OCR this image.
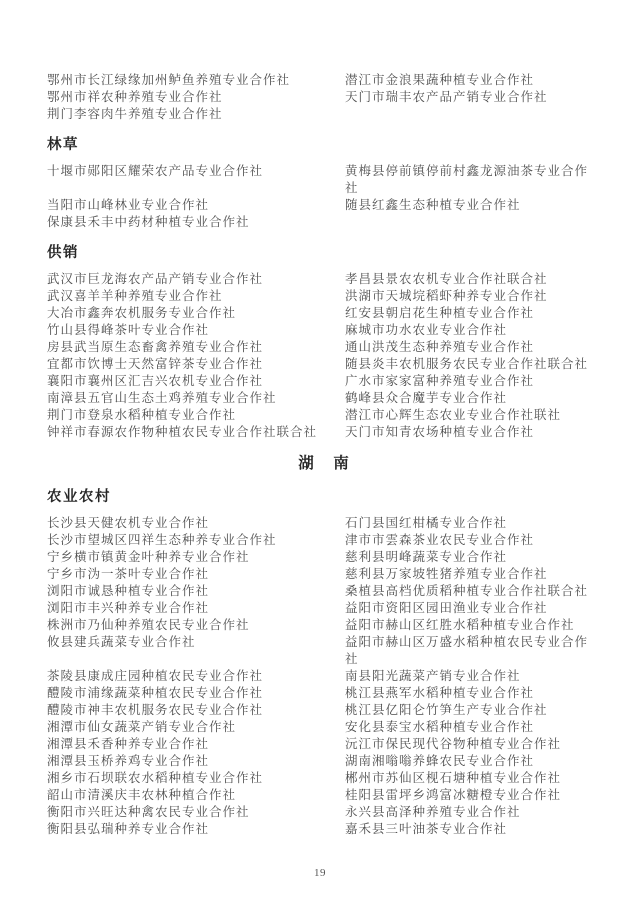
鄂州市长江绿缘加州鲈鱼养殖专业合作社	潜江市金浪果蔬种植专业合作社
鄂州市祥农种养殖专业合作社	天门市瑞丰农产品产销专业合作社
荆门李容肉牛养殖专业合作社
林草
十堰市郧阳区耀荣农产品专业合作社	黄梅县停前镇停前村鑫龙源油茶专业合作社
当阳市山峰林业专业合作社	随县红鑫生态种植专业合作社
保康县禾丰中药材种植专业合作社
供销
武汉市巨龙海农产品产销专业合作社	孝昌县景农农机专业合作社联合社
武汉喜羊羊种养殖专业合作社	洪湖市天城垸稻虾种养专业合作社
大冶市鑫奔农机服务专业合作社	红安县朝启花生种植专业合作社
竹山县得峰茶叶专业合作社	麻城市功水农业专业合作社
房县武当原生态畜禽养殖专业合作社	通山洪茂生态种养殖专业合作社
宜都市饮博士天然富锌茶专业合作社	随县炎丰农机服务农民专业合作社联合社
襄阳市襄州区汇吉兴农机专业合作社	广水市家家富种养殖专业合作社
南漳县五官山生态土鸡养殖专业合作社	鹤峰县众合魔芋专业合作社
荆门市登泉水稻种植专业合作社	潜江市心辉生态农业专业合作社联社
钟祥市春源农作物种植农民专业合作社联合社	天门市知青农场种植专业合作社
湖　南
农业农村
长沙县天健农机专业合作社	石门县国红柑橘专业合作社
长沙市望城区四祥生态种养专业合作社	津市市雲森茶业农民专业合作社
宁乡横市镇黄金叶种养专业合作社	慈利县明峰蔬菜专业合作社
宁乡市沩一茶叶专业合作社	慈利县万家坡牲猪养殖专业合作社
浏阳市诚恳种植专业合作社	桑植县高档优质稻种植专业合作社联合社
浏阳市丰兴种养专业合作社	益阳市资阳区园田渔业专业合作社
株洲市乃仙种养殖农民专业合作社	益阳市赫山区红胜水稻种植专业合作社
攸县建兵蔬菜专业合作社	益阳市赫山区万盛水稻种植农民专业合作社
茶陵县康成庄园种植农民专业合作社	南县阳光蔬菜产销专业合作社
醴陵市浦缘蔬菜种植农民专业合作社	桃江县燕军水稻种植专业合作社
醴陵市神丰农机服务农民专业合作社	桃江县亿阳仑竹笋生产专业合作社
湘潭市仙女蔬菜产销专业合作社	安化县泰宝水稻种植专业合作社
湘潭县禾香种养专业合作社	沅江市保民现代谷物种植专业合作社
湘潭县玉桥养鸡专业合作社	湖南湘嗡嗡养蜂农民专业合作社
湘乡市石坝联农水稻种植专业合作社	郴州市苏仙区枧石塘种植专业合作社
韶山市清溪庆丰农林种植合作社	桂阳县雷坪乡鸿富冰糖橙专业合作社
衡阳市兴旺达种禽农民专业合作社	永兴县高泽种养殖专业合作社
衡阳县弘瑞种养专业合作社	嘉禾县三叶油茶专业合作社
19
